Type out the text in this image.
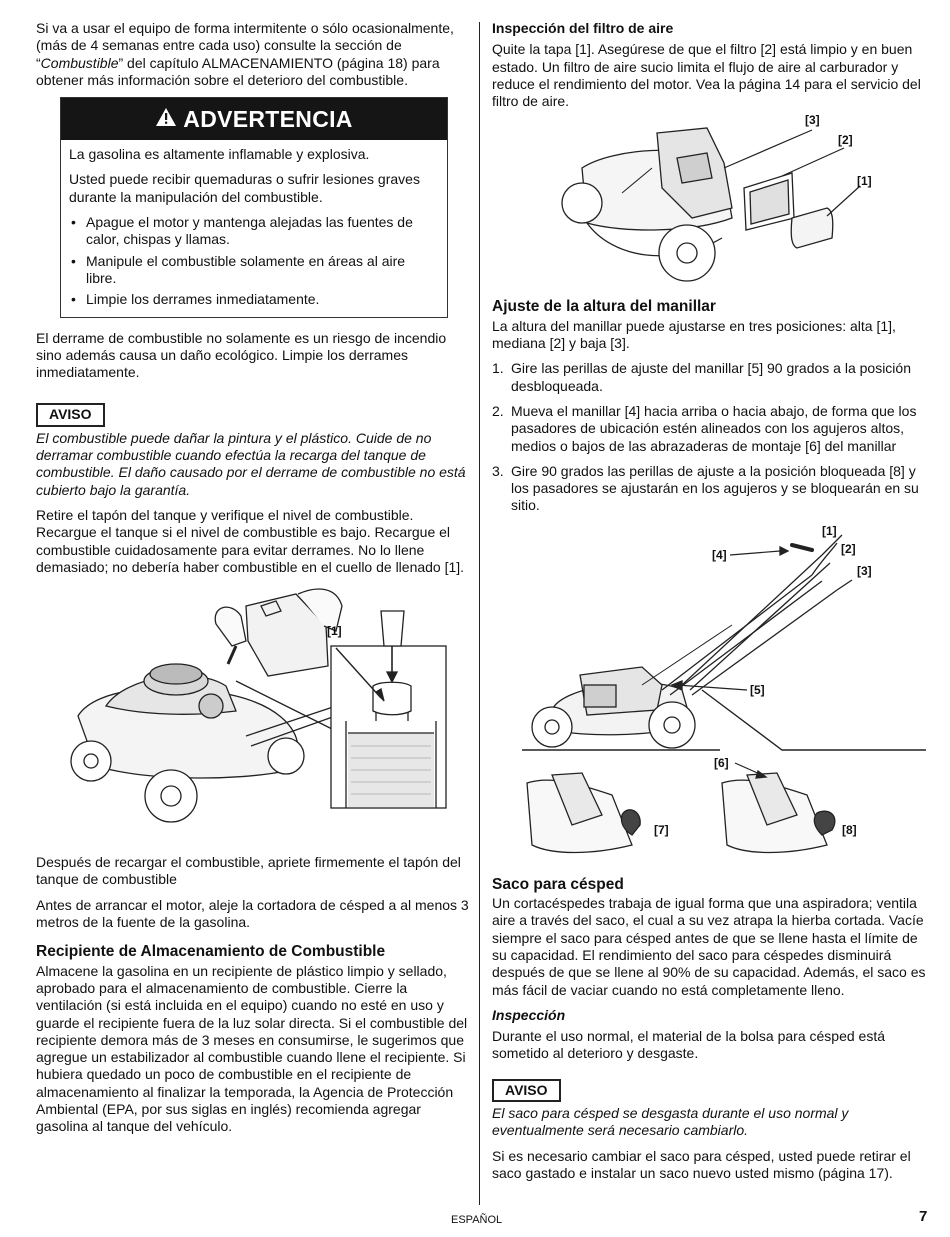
Si va a usar el equipo de forma intermitente o sólo ocasionalmente, (más de 4 semanas entre cada uso) consulte la sección de “Combustible” del capítulo ALMACENAMIENTO (página 18) para obtener más información sobre el deterioro del combustible.

ADVERTENCIA

La gasolina es altamente inflamable y explosiva.

Usted puede recibir quemaduras o sufrir lesiones graves durante la manipulación del combustible.

• Apague el motor y mantenga alejadas las fuentes de calor, chispas y llamas.
• Manipule el combustible solamente en áreas al aire libre.
• Limpie los derrames inmediatamente.

El derrame de combustible no solamente es un riesgo de incendio sino además causa un daño ecológico. Limpie los derrames inmediatamente.

AVISO

El combustible puede dañar la pintura y el plástico. Cuide de no derramar combustible cuando efectúa la recarga del tanque de combustible. El daño causado por el derrame de combustible no está cubierto bajo la garantía.

Retire el tapón del tanque y verifique el nivel de combustible. Recargue el tanque si el nivel de combustible es bajo. Recargue el combustible cuidadosamente para evitar derrames. No lo llene demasiado; no debería haber combustible en el cuello de llenado [1].

[1]

Después de recargar el combustible, apriete firmemente el tapón del tanque de combustible

Antes de arrancar el motor, aleje la cortadora de césped a al menos 3 metros de la fuente de la gasolina.

Recipiente de Almacenamiento de Combustible

Almacene la gasolina en un recipiente de plástico limpio y sellado, aprobado para el almacenamiento de combustible. Cierre la ventilación (si está incluida en el equipo) cuando no esté en uso y guarde el recipiente fuera de la luz solar directa. Si el combustible del recipiente demora más de 3 meses en consumirse, le sugerimos que agregue un estabilizador al combustible cuando llene el recipiente. Si hubiera quedado un poco de combustible en el recipiente de almacenamiento al finalizar la temporada, la Agencia de Protección Ambiental (EPA, por sus siglas en inglés) recomienda agregar gasolina al tanque del vehículo.

Inspección del filtro de aire

Quite la tapa [1]. Asegúrese de que el filtro [2] está limpio y en buen estado. Un filtro de aire sucio limita el flujo de aire al carburador y reduce el rendimiento del motor. Vea la página 14 para el servicio del filtro de aire.

[3]
[2]
[1]
Ajuste de la altura del manillar

La altura del manillar puede ajustarse en tres posiciones: alta [1], mediana [2] y baja [3].

1. Gire las perillas de ajuste del manillar [5] 90 grados a la posición desbloqueada.
2. Mueva el manillar [4] hacia arriba o hacia abajo, de forma que los pasadores de ubicación estén alineados con los agujeros altos, medios o bajos de las abrazaderas de montaje [6] del manillar
3. Gire 90 grados las perillas de ajuste a la posición bloqueada [8] y los pasadores se ajustarán en los agujeros y se bloquearán en su sitio.
[1]
[2]
[3]
[4]
[5]
[6]
[7]	[8]
Saco para césped

Un cortacéspedes trabaja de igual forma que una aspiradora; ventila aire a través del saco, el cual a su vez atrapa la hierba cortada. Vacíe siempre el saco para césped antes de que se llene hasta el límite de su capacidad. El rendimiento del saco para céspedes disminuirá después de que se llene al 90% de su capacidad. Además, el saco es más fácil de vaciar cuando no está completamente lleno.

Inspección

Durante el uso normal, el material de la bolsa para césped está sometido al deterioro y desgaste.

AVISO

El saco para césped se desgasta durante el uso normal y eventualmente será necesario cambiarlo.

Si es necesario cambiar el saco para césped, usted puede retirar el saco gastado e instalar un saco nuevo usted mismo (página 17).

ESPAÑOL	7
